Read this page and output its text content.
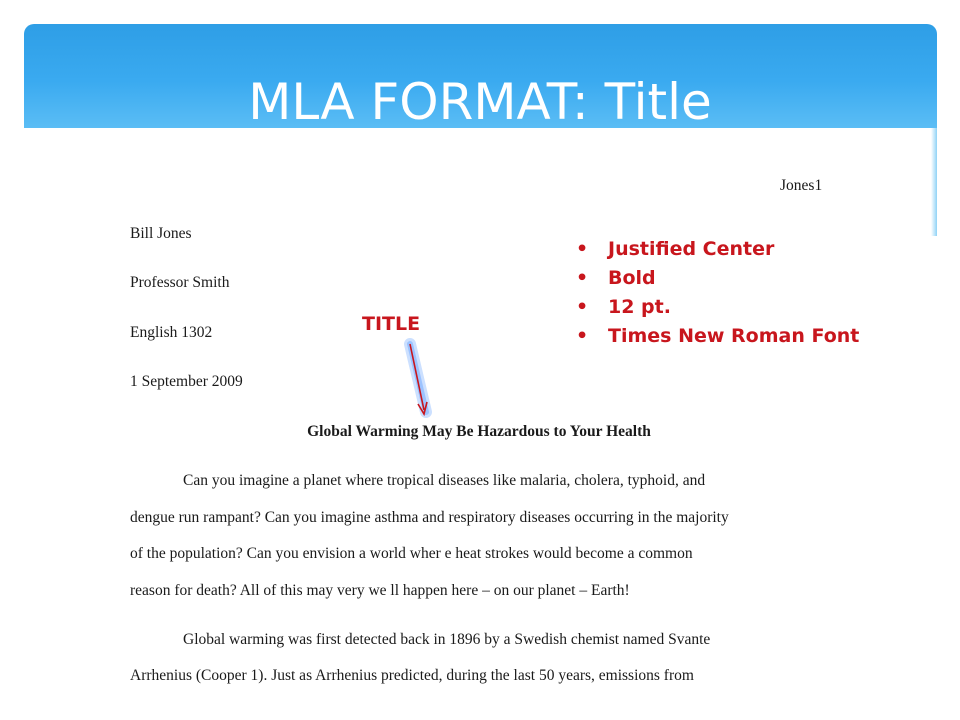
MLA FORMAT: Title

Jones1

Bill Jones

Professor Smith

English 1302

1 September 2009

Global Warming May Be Hazardous to Your Health

Can you imagine a planet where tropical diseases like malaria, cholera, typhoid, and

dengue run rampant? Can you imagine asthma and respiratory diseases occurring in the majority

of the population? Can you envision a world wher e heat strokes would become a common

reason for death? All of this may very we ll happen here – on our planet – Earth!

Global warming was first detected back in 1896 by a Swedish chemist named Svante

Arrhenius (Cooper 1). Just as Arrhenius predicted, during the last 50 years, emissions from

• Justified Center
• Bold
• 12 pt.
• Times New Roman Font

TITLE
